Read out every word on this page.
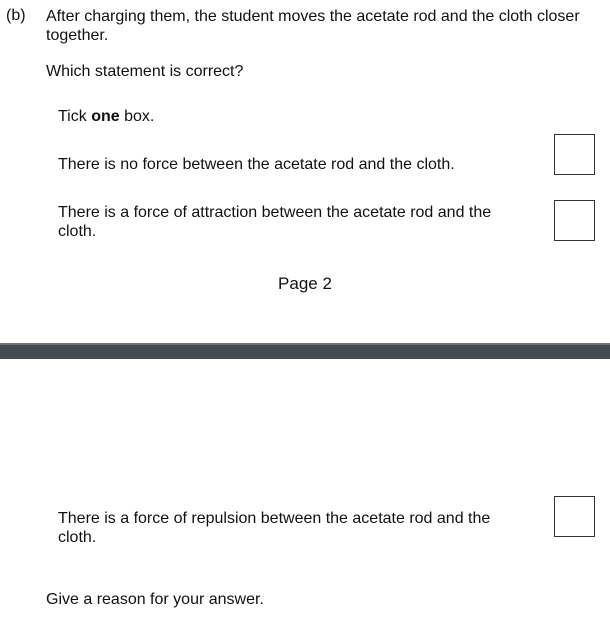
(b) After charging them, the student moves the acetate rod and the cloth closer together.
Which statement is correct?
Tick one box.
There is no force between the acetate rod and the cloth.
There is a force of attraction between the acetate rod and the cloth.
Page 2
There is a force of repulsion between the acetate rod and the cloth.
Give a reason for your answer.
